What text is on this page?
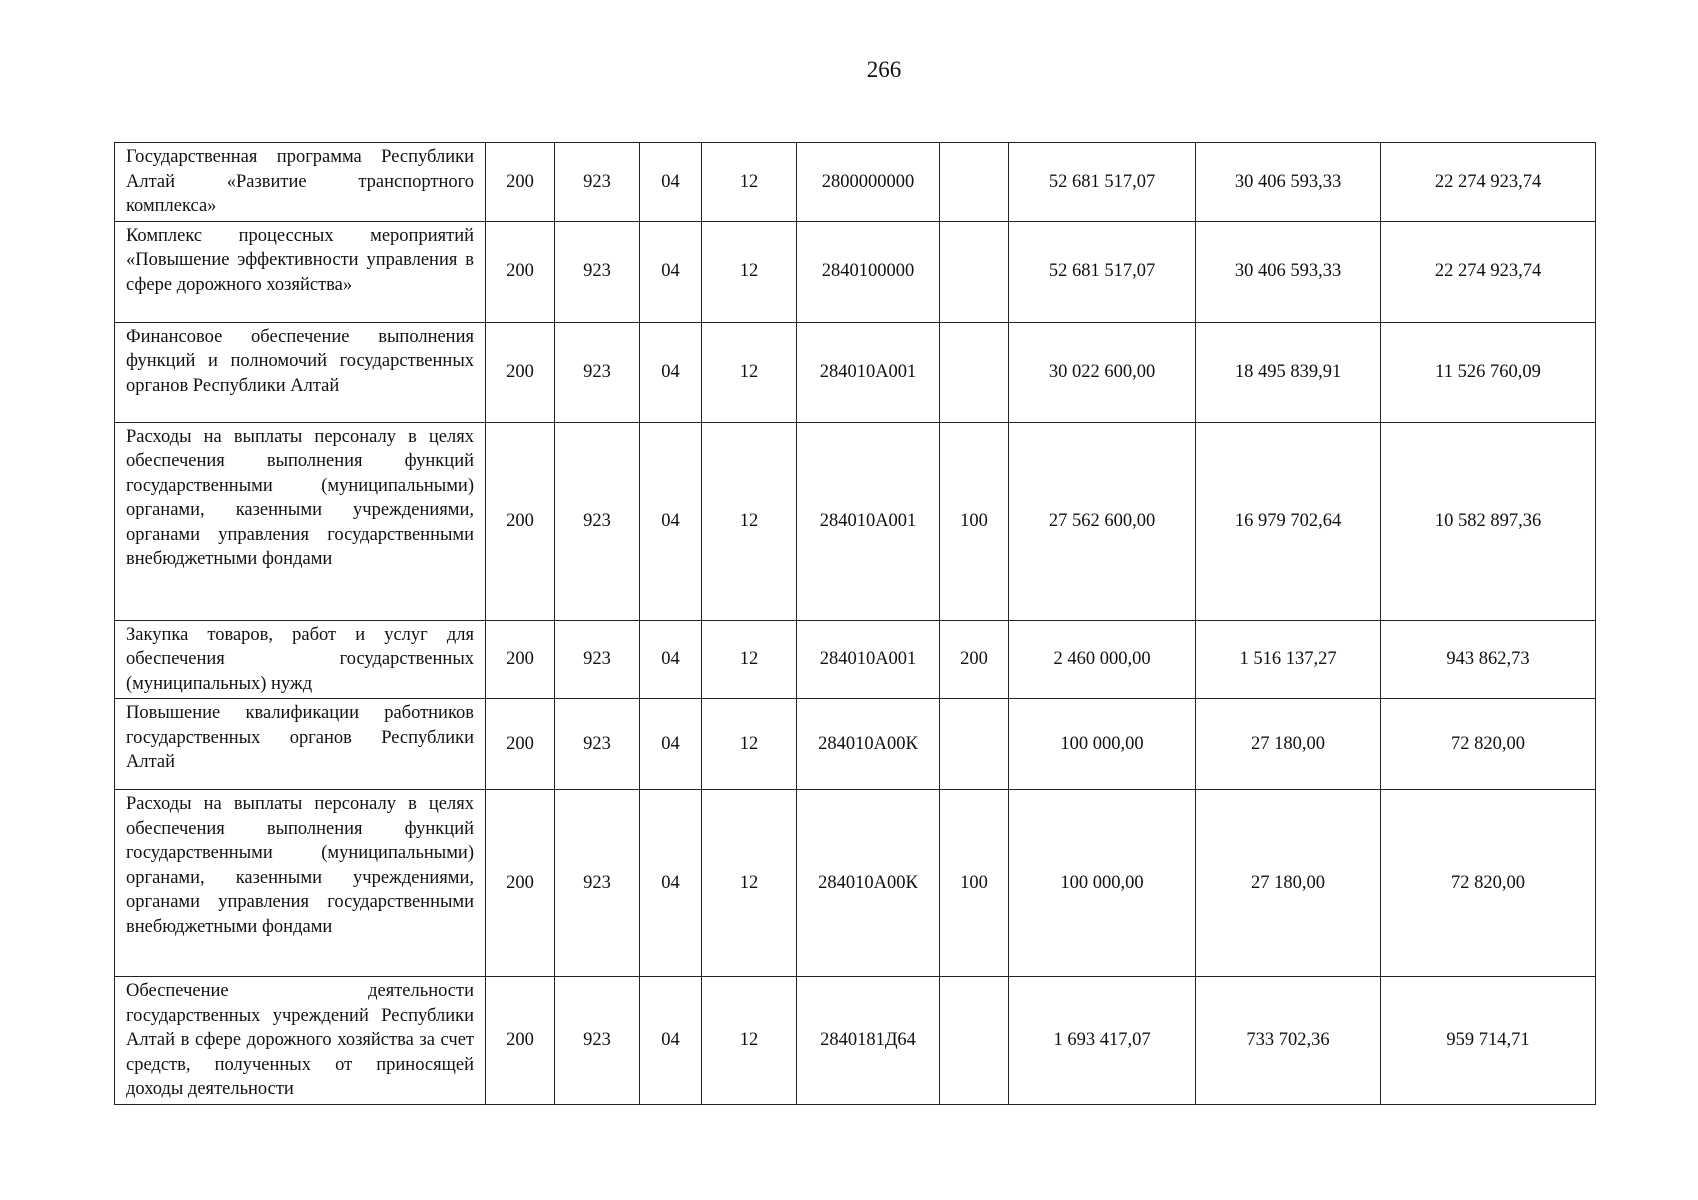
266
Государственная программа Республики Алтай «Развитие транспортного комплекса»	200	923	04	12	2800000000		52 681 517,07	30 406 593,33	22 274 923,74
Комплекс процессных мероприятий «Повышение эффективности управления в сфере дорожного хозяйства»	200	923	04	12	2840100000		52 681 517,07	30 406 593,33	22 274 923,74
Финансовое обеспечение выполнения функций и полномочий государственных органов Республики Алтай	200	923	04	12	284010А001		30 022 600,00	18 495 839,91	11 526 760,09
Расходы на выплаты персоналу в целях обеспечения выполнения функций государственными (муниципальными) органами, казенными учреждениями, органами управления государственными внебюджетными фондами	200	923	04	12	284010А001	100	27 562 600,00	16 979 702,64	10 582 897,36
Закупка товаров, работ и услуг для обеспечения государственных (муниципальных) нужд	200	923	04	12	284010А001	200	2 460 000,00	1 516 137,27	943 862,73
Повышение квалификации работников государственных органов Республики Алтай	200	923	04	12	284010А00К		100 000,00	27 180,00	72 820,00
Расходы на выплаты персоналу в целях обеспечения выполнения функций государственными (муниципальными) органами, казенными учреждениями, органами управления государственными внебюджетными фондами	200	923	04	12	284010А00К	100	100 000,00	27 180,00	72 820,00
Обеспечение деятельности государственных учреждений Республики Алтай в сфере дорожного хозяйства за счет средств, полученных от приносящей доходы деятельности	200	923	04	12	2840181Д64		1 693 417,07	733 702,36	959 714,71
